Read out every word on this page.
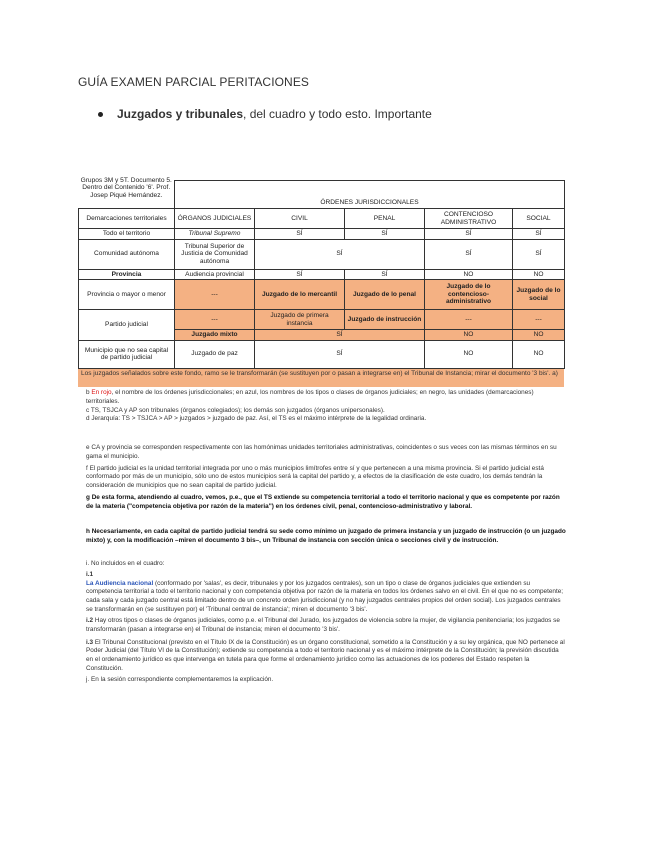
GUÍA EXAMEN PARCIAL PERITACIONES
Juzgados y tribunales, del cuadro y todo esto. Importante
Grupos 3M y 5T. Documento 5. Dentro del Contenido '6'. Prof. Josep Piqué Hernández.					
	ÓRDENES JURISDICCIONALES				
Demarcaciones territoriales	ÓRGANOS JUDICIALES	CIVIL	PENAL	CONTENCIOSO ADMINISTRATIVO	SOCIAL
Todo el territorio	Tribunal Supremo	SÍ	SÍ	SÍ	SÍ
Comunidad autónoma	Tribunal Superior de Justicia de Comunidad autónoma	SÍ		SÍ	SÍ
Provincia	Audiencia provincial	SÍ	SÍ	NO	NO
Provincia o mayor o menor	---	Juzgado de lo mercantil	Juzgado de lo penal	Juzgado de lo contencioso-administrativo	Juzgado de lo social
Partido judicial	---	Juzgado de primera instancia	Juzgado de instrucción	---	---
	Juzgado mixto	SÍ		NO	NO
Municipio que no sea capital de partido judicial	Juzgado de paz	SÍ		NO	NO
Los juzgados señalados sobre este fondo, ramo se le transformarán (se sustituyen por o pasan a integrarse en) el Tribunal de Instancia; mirar el documento '3 bis'. a)

b En rojo, el nombre de los órdenes jurisdiccionales; en azul, los nombres de los tipos o clases de órganos judiciales; en negro, las unidades (demarcaciones) territoriales.

c TS, TSJCA y AP son tribunales (órganos colegiados); los demás son juzgados (órganos unipersonales).

d Jerarquía: TS > TSJCA > AP > juzgados > juzgado de paz. Así, el TS es el máximo intérprete de la legalidad ordinaria.

e CA y provincia se corresponden respectivamente con las homónimas unidades territoriales administrativas, coincidentes o sus veces con las mismas términos en su gama el municipio.

f El partido judicial es la unidad territorial integrada por uno o más municipios limítrofes entre sí y que pertenecen a una misma provincia. Si el partido judicial está conformado por más de un municipio, sólo uno de estos municipios será la capital del partido y, a efectos de la clasificación de este cuadro, los demás tendrán la consideración de municipios que no sean capital de partido judicial.

g De esta forma, atendiendo al cuadro, vemos, p.e., que el TS extiende su competencia territorial a todo el territorio nacional y que es competente por razón de la materia ("competencia objetiva por razón de la materia") en los órdenes civil, penal, contencioso-administrativo y laboral.

h Necesariamente, en cada capital de partido judicial tendrá su sede como mínimo un juzgado de primera instancia y un juzgado de instrucción (o un juzgado mixto) y, con la modificación –miren el documento 3 bis–, un Tribunal de instancia con sección única o secciones civil y de instrucción.

i. No incluidos en el cuadro:

i.1
La Audiencia nacional (conformado por 'salas', es decir, tribunales y por los juzgados centrales), son un tipo o clase de órganos judiciales que extienden su competencia territorial a todo el territorio nacional y con competencia objetiva por razón de la materia en todos los órdenes salvo en el civil. En el que no es competente; cada sala y cada juzgado central está limitado dentro de un concreto orden jurisdiccional (y no hay juzgados centrales propios del orden social). Los juzgados centrales se transformarán en (se sustituyen por) el 'Tribunal central de instancia'; miren el documento '3 bis'.

i.2 Hay otros tipos o clases de órganos judiciales, como p.e. el Tribunal del Jurado, los juzgados de violencia sobre la mujer, de vigilancia penitenciaria; los juzgados se transformarán (pasan a integrarse en) el Tribunal de instancia; miren el documento '3 bis'.

i.3 El Tribunal Constitucional (previsto en el Título IX de la Constitución) es un órgano constitucional, sometido a la Constitución y a su ley orgánica, que NO pertenece al Poder Judicial (del Título VI de la Constitución); extiende su competencia a todo el territorio nacional y es el máximo intérprete de la Constitución; la previsión discutida en el ordenamiento jurídico es que intervenga en tutela para que forme el ordenamiento jurídico como las actuaciones de los poderes del Estado respeten la Constitución.

j. En la sesión correspondiente complementaremos la explicación.
